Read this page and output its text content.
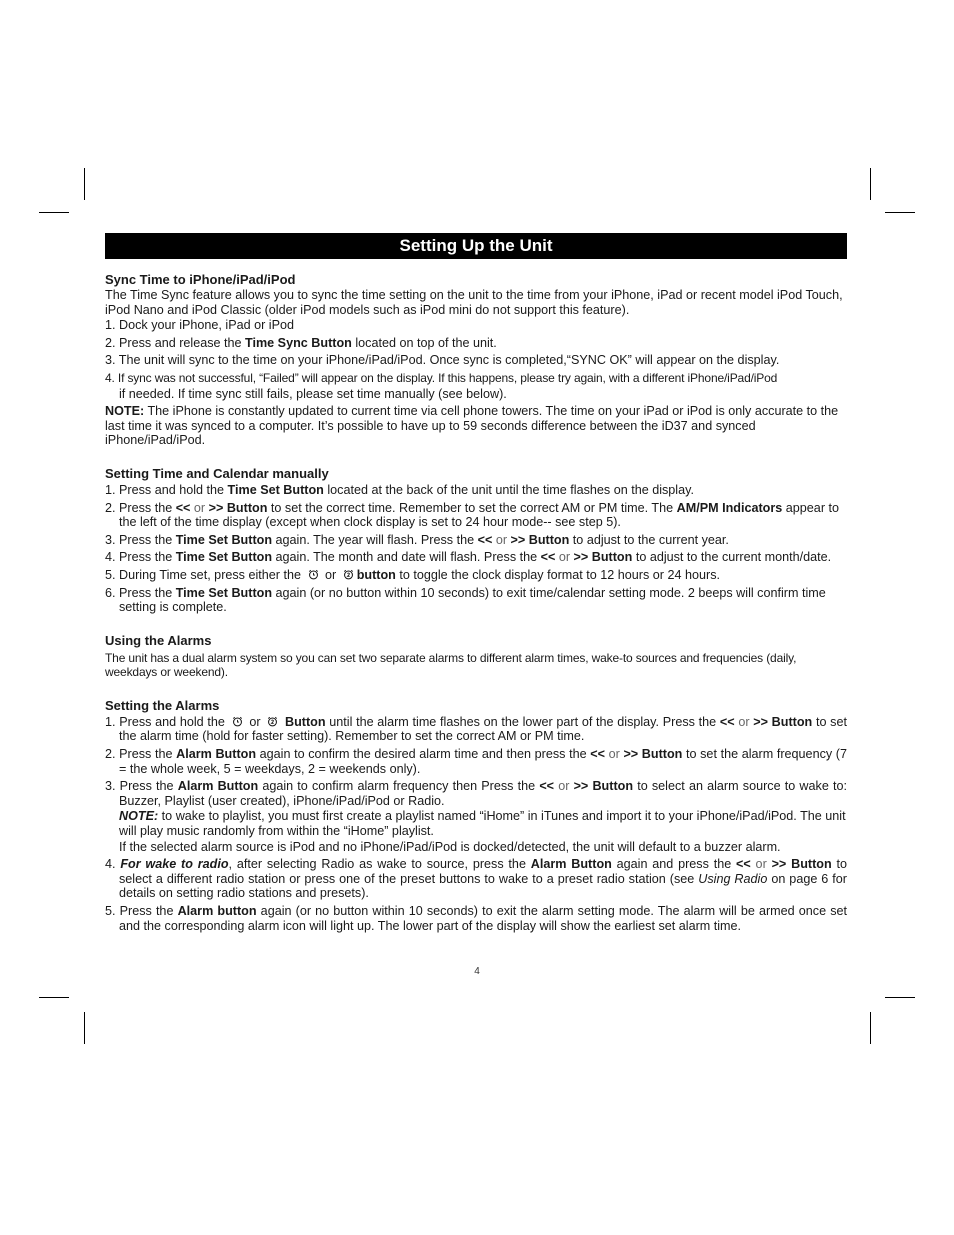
Setting Up the Unit

Sync Time to iPhone/iPad/iPod

The Time Sync feature allows you to sync the time setting on the unit to the time from your iPhone, iPad or recent model iPod Touch, iPod Nano and iPod Classic (older iPod models such as iPod mini do not support this feature).

1. Dock your iPhone, iPad or iPod

2. Press and release the Time Sync Button located on top of the unit.

3. The unit will sync to the time on your iPhone/iPad/iPod. Once sync is completed,“SYNC OK” will appear on the display.

4. If sync was not successful, “Failed” will appear on the display. If this happens, please try again, with a different iPhone/iPad/iPod

if needed. If time sync still fails, please set time manually (see below).

NOTE: The iPhone is constantly updated to current time via cell phone towers. The time on your iPad or iPod is only accurate to the last time it was synced to a computer. It’s possible to have up to 59 seconds difference between the iD37 and synced iPhone/iPad/iPod.

Setting Time and Calendar manually

1. Press and hold the Time Set Button located at the back of the unit until the time flashes on the display.

2. Press the << or >> Button to set the correct time. Remember to set the correct AM or PM time. The AM/PM Indicators appear to the left of the time display (except when clock display is set to 24 hour mode-- see step 5).

3. Press the Time Set Button again. The year will flash. Press the << or >> Button to adjust to the current year.

4. Press the Time Set Button again. The month and date will flash. Press the << or >> Button to adjust to the current month/date.

5. During Time set, press either the  or button to toggle the clock display format to 12 hours or 24 hours.

6. Press the Time Set Button again (or no button within 10 seconds) to exit time/calendar setting mode. 2 beeps will confirm time setting is complete.

Using the Alarms

The unit has a dual alarm system so you can set two separate alarms to different alarm times, wake-to sources and frequencies (daily, weekdays or weekend).

Setting the Alarms

1. Press and hold the  or  Button until the alarm time flashes on the lower part of the display. Press the << or >> Button to set the alarm time (hold for faster setting). Remember to set the correct AM or PM time.

2. Press the Alarm Button again to confirm the desired alarm time and then press the << or >> Button to set the alarm frequency (7 = the whole week, 5 = weekdays, 2 = weekends only).

3. Press the Alarm Button again to confirm alarm frequency then Press the << or >> Button to select an alarm source to wake to: Buzzer, Playlist (user created), iPhone/iPad/iPod or Radio.

NOTE: to wake to playlist, you must first create a playlist named “iHome” in iTunes and import it to your iPhone/iPad/iPod. The unit will play music randomly from within the “iHome” playlist.

If the selected alarm source is iPod and no iPhone/iPad/iPod is docked/detected, the unit will default to a buzzer alarm.

4. For wake to radio, after selecting Radio as wake to source, press the Alarm Button again and press the << or >> Button to select a different radio station or press one of the preset buttons to wake to a preset radio station (see Using Radio on page 6 for details on setting radio stations and presets).

5. Press the Alarm button again (or no button within 10 seconds) to exit the alarm setting mode. The alarm will be armed once set and the corresponding alarm icon will light up. The lower part of the display will show the earliest set alarm time.

4
